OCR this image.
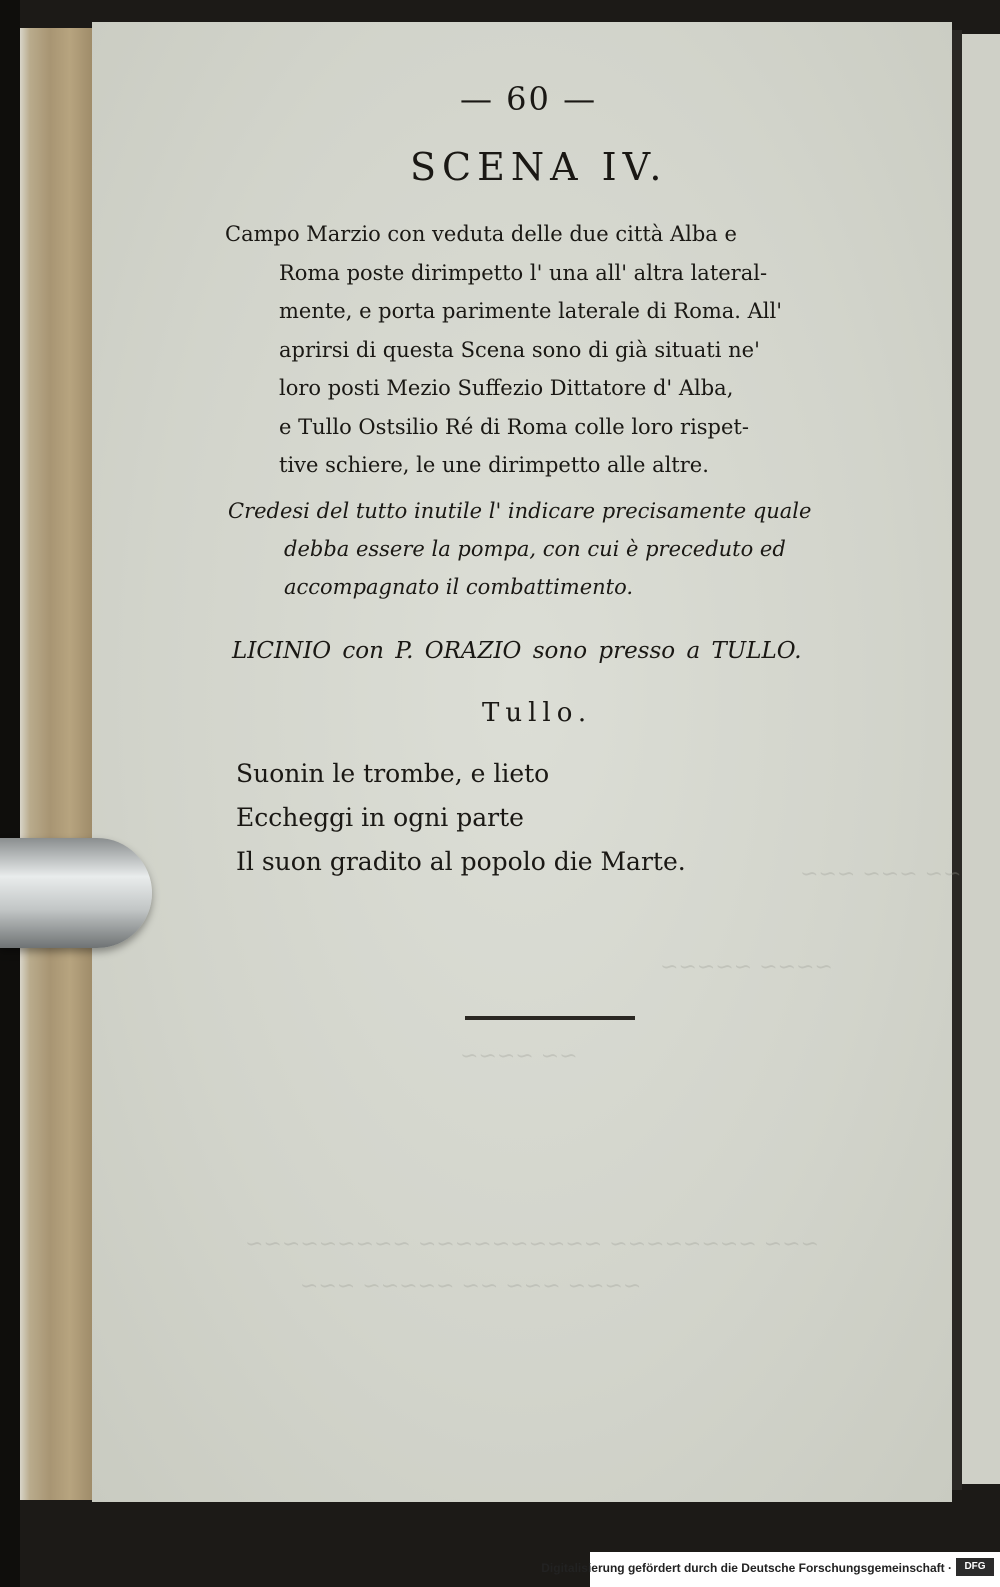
~~ ~~~ ~~~
~~~~ ~~~~~
~~ ~~~~
~~~ ~~~~~~~~ ~~~~~~~~~~ ~~~~~~~~~
~~~~ ~~~ ~~ ~~~~~ ~~~
— 60 —
SCENA IV.
Campo Marzio con veduta delle due città Alba e
Roma poste dirimpetto l' una all' altra lateral-
mente, e porta parimente laterale di Roma. All'
aprirsi di questa Scena sono di già situati ne'
loro posti Mezio Suffezio Dittatore d' Alba,
e Tullo Ostsilio Ré di Roma colle loro rispet-
tive schiere, le une dirimpetto alle altre.
Credesi del tutto inutile l' indicare precisamente quale
debba essere la pompa, con cui è preceduto ed
accompagnato il combattimento.
LICINIO con P. ORAZIO sono presso a TULLO.
Tullo.
Suonin le trombe, e lieto
Eccheggi in ogni parte
Il suon gradito al popolo die Marte.
Digitalisierung gefördert durch die Deutsche Forschungsgemeinschaft ·	DFG
